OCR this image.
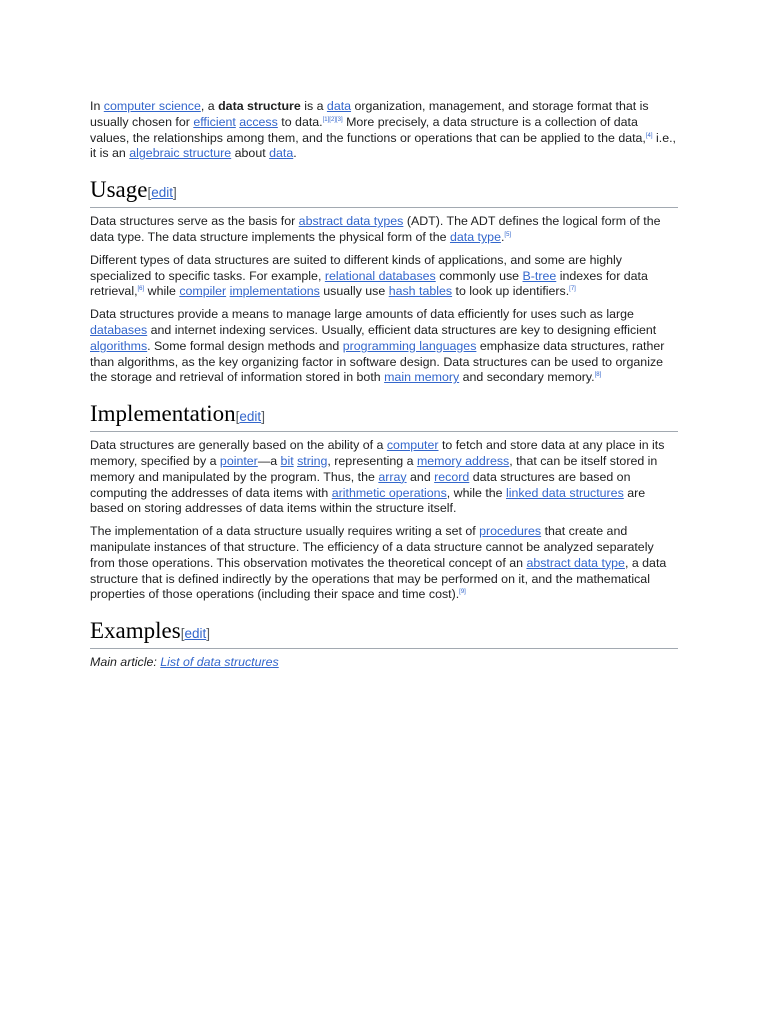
In computer science, a data structure is a data organization, management, and storage format that is usually chosen for efficient access to data.[1][2][3] More precisely, a data structure is a collection of data values, the relationships among them, and the functions or operations that can be applied to the data,[4] i.e., it is an algebraic structure about data.

Usage[edit]

Data structures serve as the basis for abstract data types (ADT). The ADT defines the logical form of the data type. The data structure implements the physical form of the data type.[5]

Different types of data structures are suited to different kinds of applications, and some are highly specialized to specific tasks. For example, relational databases commonly use B-tree indexes for data retrieval,[6] while compiler implementations usually use hash tables to look up identifiers.[7]

Data structures provide a means to manage large amounts of data efficiently for uses such as large databases and internet indexing services. Usually, efficient data structures are key to designing efficient algorithms. Some formal design methods and programming languages emphasize data structures, rather than algorithms, as the key organizing factor in software design. Data structures can be used to organize the storage and retrieval of information stored in both main memory and secondary memory.[8]

Implementation[edit]

Data structures are generally based on the ability of a computer to fetch and store data at any place in its memory, specified by a pointer—a bit string, representing a memory address, that can be itself stored in memory and manipulated by the program. Thus, the array and record data structures are based on computing the addresses of data items with arithmetic operations, while the linked data structures are based on storing addresses of data items within the structure itself.

The implementation of a data structure usually requires writing a set of procedures that create and manipulate instances of that structure. The efficiency of a data structure cannot be analyzed separately from those operations. This observation motivates the theoretical concept of an abstract data type, a data structure that is defined indirectly by the operations that may be performed on it, and the mathematical properties of those operations (including their space and time cost).[9]

Examples[edit]

Main article: List of data structures
